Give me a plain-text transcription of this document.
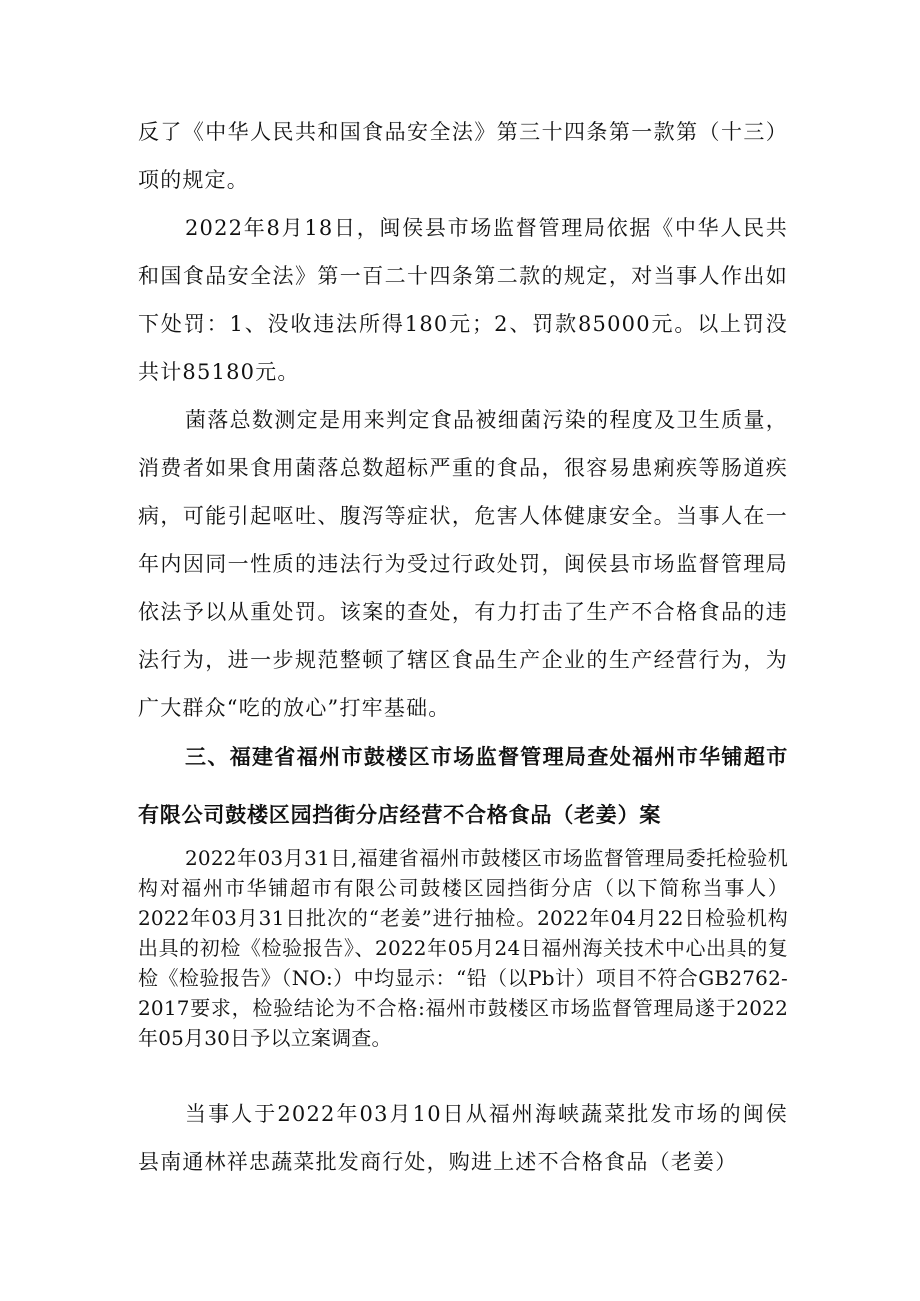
反了《中华人民共和国食品安全法》第三十四条第一款第（十三）项的规定。

2022年8月18日，闽侯县市场监督管理局依据《中华人民共和国食品安全法》第一百二十四条第二款的规定，对当事人作出如下处罚：1、没收违法所得180元；2、罚款85000元。以上罚没共计85180元。

菌落总数测定是用来判定食品被细菌污染的程度及卫生质量，消费者如果食用菌落总数超标严重的食品，很容易患痢疾等肠道疾病，可能引起呕吐、腹泻等症状，危害人体健康安全。当事人在一年内因同一性质的违法行为受过行政处罚，闽侯县市场监督管理局依法予以从重处罚。该案的查处，有力打击了生产不合格食品的违法行为，进一步规范整顿了辖区食品生产企业的生产经营行为，为广大群众“吃的放心”打牢基础。

三、福建省福州市鼓楼区市场监督管理局查处福州市华铺超市有限公司鼓楼区园挡街分店经营不合格食品（老姜）案

2022年03月31日,福建省福州市鼓楼区市场监督管理局委托检验机构对福州市华铺超市有限公司鼓楼区园挡街分店（以下简称当事人）2022年03月31日批次的“老姜”进行抽检。2022年04月22日检验机构出具的初检《检验报告》、2022年05月24日福州海关技术中心出具的复检《检验报告》（NO:）中均显示：“铅（以Pb计）项目不符合GB2762-2017要求，检验结论为不合格:福州市鼓楼区市场监督管理局遂于2022年05月30日予以立案调查。

当事人于2022年03月10日从福州海峡蔬菜批发市场的闽侯县南通林祥忠蔬菜批发商行处，购进上述不合格食品（老姜）
